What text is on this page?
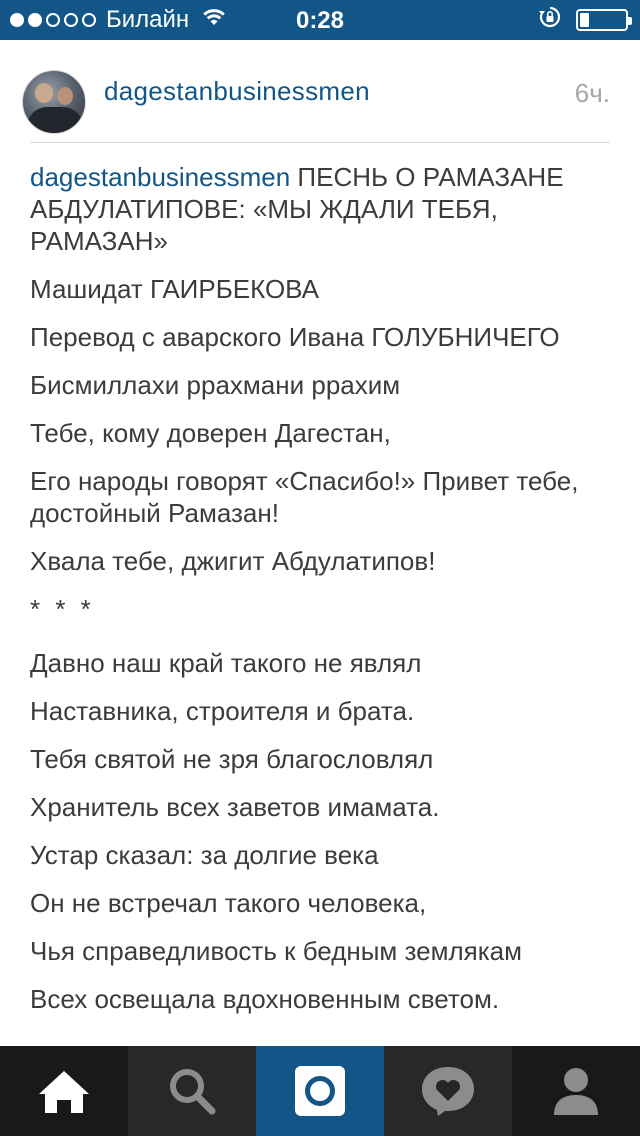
Билайн	0:28
dagestanbusinessmen	6ч.

dagestanbusinessmen ПЕСНЬ О РАМАЗАНЕ АБДУЛАТИПОВЕ: «МЫ ЖДАЛИ ТЕБЯ, РАМАЗАН»

Машидат ГАИРБЕКОВА

Перевод с аварского Ивана ГОЛУБНИЧЕГО

Бисмиллахи ррахмани ррахим

Тебе, кому доверен Дагестан,

Его народы говорят «Спасибо!» Привет тебе, достойный Рамазан!

Хвала тебе, джигит Абдулатипов!

* * *

Давно наш край такого не являл

Наставника, строителя и брата.

Тебя святой не зря благословлял

Хранитель всех заветов имамата.

Устар сказал: за долгие века

Он не встречал такого человека,

Чья справедливость к бедным землякам

Всех освещала вдохновенным светом.
